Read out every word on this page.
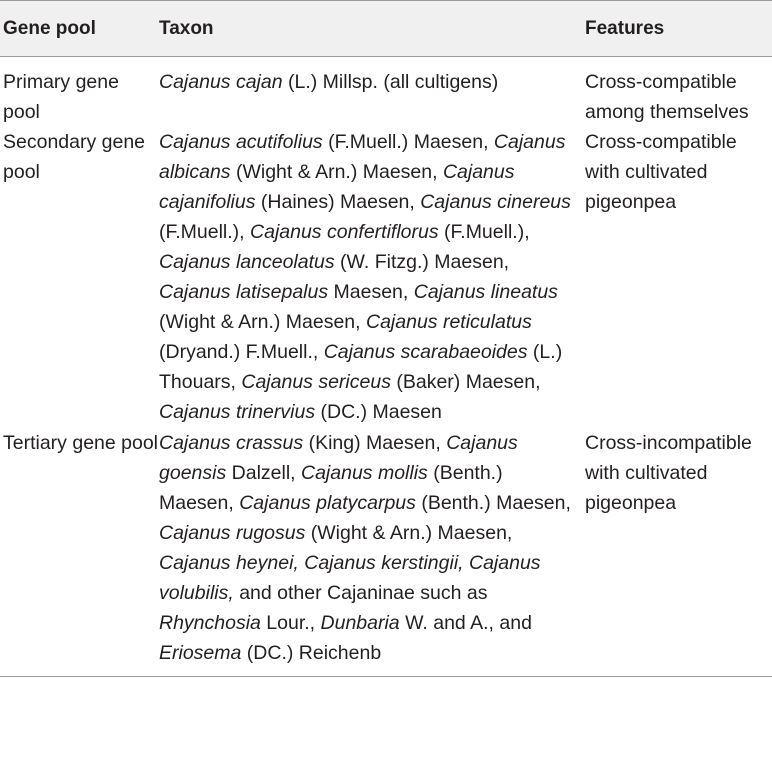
Gene pool	Taxon	Features
Primary gene pool	Cajanus cajan (L.) Millsp. (all cultigens)	Cross-compatible among themselves
Secondary gene pool	Cajanus acutifolius (F.Muell.) Maesen, Cajanus albicans (Wight & Arn.) Maesen, Cajanus cajanifolius (Haines) Maesen, Cajanus cinereus (F.Muell.), Cajanus confertiflorus (F.Muell.), Cajanus lanceolatus (W. Fitzg.) Maesen, Cajanus latisepalus Maesen, Cajanus lineatus (Wight & Arn.) Maesen, Cajanus reticulatus (Dryand.) F.Muell., Cajanus scarabaeoides (L.) Thouars, Cajanus sericeus (Baker) Maesen, Cajanus trinervius (DC.) Maesen	Cross-compatible with cultivated pigeonpea
Tertiary gene pool	Cajanus crassus (King) Maesen, Cajanus goensis Dalzell, Cajanus mollis (Benth.) Maesen, Cajanus platycarpus (Benth.) Maesen, Cajanus rugosus (Wight & Arn.) Maesen, Cajanus heynei, Cajanus kerstingii, Cajanus volubilis, and other Cajaninae such as Rhynchosia Lour., Dunbaria W. and A., and Eriosema (DC.) Reichenb	Cross-incompatible with cultivated pigeonpea
